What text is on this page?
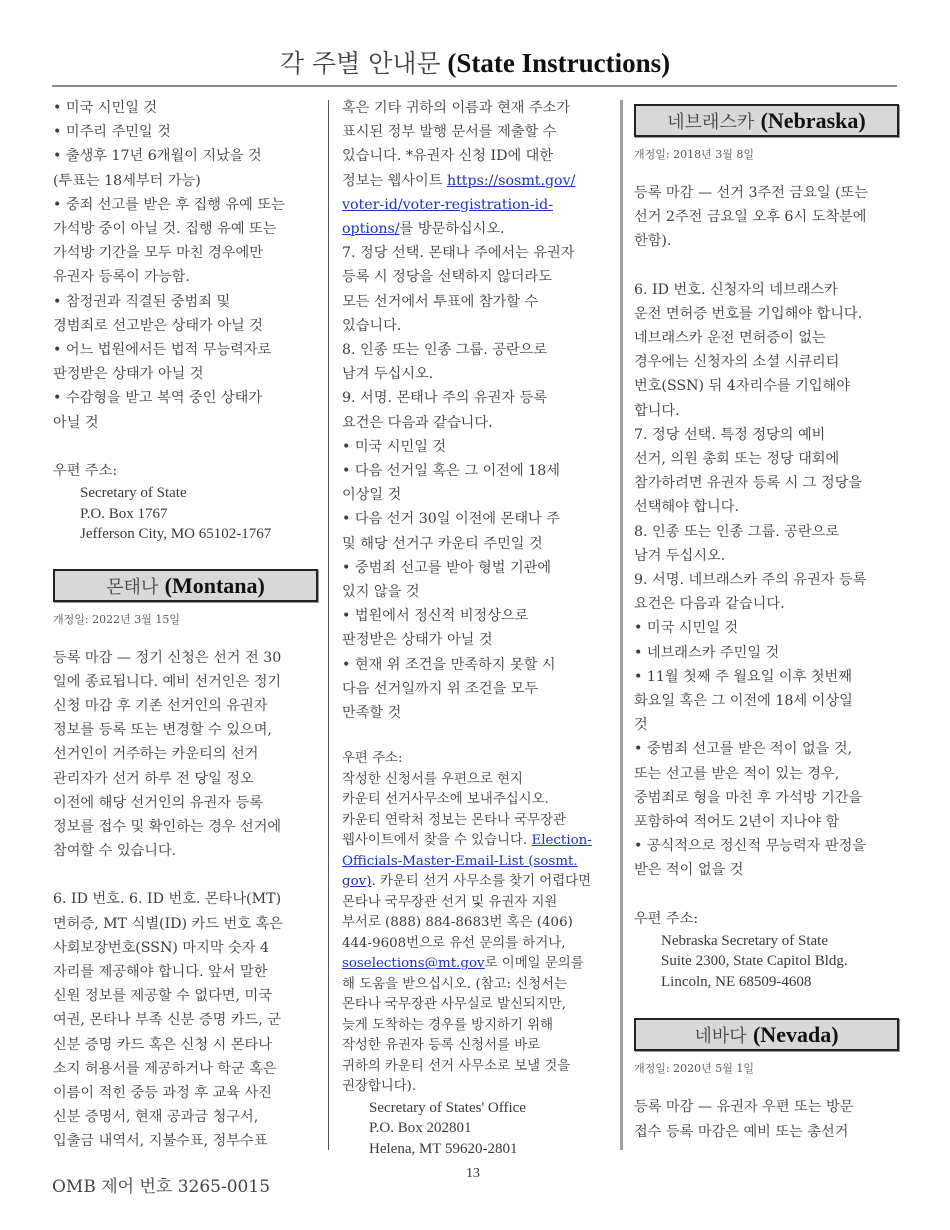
각 주별 안내문 (State Instructions)
• 미국 시민일 것
• 미주리 주민일 것
• 출생후 17년 6개월이 지났을 것
(투표는 18세부터 가능)
• 중죄 선고를 받은 후 집행 유예 또는
가석방 중이 아닐 것. 집행 유예 또는
가석방 기간을 모두 마친 경우에만
유권자 등록이 가능함.
• 참정권과 직결된 중범죄 및
경범죄로 선고받은 상태가 아닐 것
• 어느 법원에서든 법적 무능력자로
판정받은 상태가 아닐 것
• 수감형을 받고 복역 중인 상태가
아닐 것
우편 주소:
Secretary of State
P.O. Box 1767
Jefferson City, MO 65102-1767
몬태나 (Montana)
개정일: 2022년 3월 15일
등록 마감 — 정기 신청은 선거 전 30
일에 종료됩니다. 예비 선거인은 정기
신청 마감 후 기존 선거인의 유권자
정보를 등록 또는 변경할 수 있으며,
선거인이 거주하는 카운티의 선거
관리자가 선거 하루 전 당일 정오
이전에 해당 선거인의 유권자 등록
정보를 접수 및 확인하는 경우 선거에
참여할 수 있습니다.
6. ID 번호. 6. ID 번호. 몬타나(MT)
면허증, MT 식별(ID) 카드 번호 혹은
사회보장번호(SSN) 마지막 숫자 4
자리를 제공해야 합니다. 앞서 말한
신원 정보를 제공할 수 없다면, 미국
여권, 몬타나 부족 신분 증명 카드, 군
신분 증명 카드 혹은 신청 시 몬타나
소지 허용서를 제공하거나 학군 혹은
이름이 적힌 중등 과정 후 교육 사진
신분 증명서, 현재 공과금 청구서,
입출금 내역서, 지불수표, 정부수표
혹은 기타 귀하의 이름과 현재 주소가
표시된 정부 발행 문서를 제출할 수
있습니다. *유권자 신청 ID에 대한
정보는 웹사이트 https://sosmt.gov/
voter-id/voter-registration-id-
options/를 방문하십시오.
7. 정당 선택. 몬태나 주에서는 유권자
등록 시 정당을 선택하지 않더라도
모든 선거에서 투표에 참가할 수
있습니다.
8. 인종 또는 인종 그룹. 공란으로
남겨 두십시오.
9. 서명. 몬태나 주의 유권자 등록
요건은 다음과 같습니다.
• 미국 시민일 것
• 다음 선거일 혹은 그 이전에 18세
이상일 것
• 다음 선거 30일 이전에 몬태나 주
및 해당 선거구 카운티 주민일 것
• 중범죄 선고를 받아 형벌 기관에
있지 않을 것
• 법원에서 정신적 비정상으로
판정받은 상태가 아닐 것
• 현재 위 조건을 만족하지 못할 시
다음 선거일까지 위 조건을 모두
만족할 것
우편 주소:
작성한 신청서를 우편으로 현지
카운티 선거사무소에 보내주십시오.
카운티 연락처 정보는 몬타나 국무장관
웹사이트에서 찾을 수 있습니다. Election-
Officials-Master-Email-List (sosmt.
gov). 카운티 선거 사무소를 찾기 어렵다면
몬타나 국무장관 선거 및 유권자 지원
부서로 (888) 884-8683번 혹은 (406)
444-9608번으로 유선 문의를 하거나,
soselections@mt.gov로 이메일 문의를
해 도움을 받으십시오. (참고: 신청서는
몬타나 국무장관 사무실로 발신되지만,
늦게 도착하는 경우를 방지하기 위해
작성한 유권자 등록 신청서를 바로
귀하의 카운티 선거 사무소로 보낼 것을
권장합니다).
Secretary of States' Office
P.O. Box 202801
Helena, MT 59620-2801
네브래스카 (Nebraska)
개정일: 2018년 3월 8일
등록 마감 — 선거 3주전 금요일 (또는
선거 2주전 금요일 오후 6시 도착분에
한함).
6. ID 번호. 신청자의 네브래스카
운전 면허증 번호를 기입해야 합니다.
네브래스카 운전 면허증이 없는
경우에는 신청자의 소셜 시큐리티
번호(SSN) 뒤 4자리수를 기입해야
합니다.
7. 정당 선택. 특정 정당의 예비
선거, 의원 총회 또는 정당 대회에
참가하려면 유권자 등록 시 그 정당을
선택해야 합니다.
8. 인종 또는 인종 그룹. 공란으로
남겨 두십시오.
9. 서명. 네브래스카 주의 유권자 등록
요건은 다음과 같습니다.
• 미국 시민일 것
• 네브래스카 주민일 것
• 11월 첫째 주 월요일 이후 첫번째
화요일 혹은 그 이전에 18세 이상일
것
• 중범죄 선고를 받은 적이 없을 것,
또는 선고를 받은 적이 있는 경우,
중범죄로 형을 마친 후 가석방 기간을
포함하여 적어도 2년이 지나야 함
• 공식적으로 정신적 무능력자 판정을
받은 적이 없을 것
우편 주소:
Nebraska Secretary of State
Suite 2300, State Capitol Bldg.
Lincoln, NE 68509-4608
네바다 (Nevada)
개정일: 2020년 5월 1일
등록 마감 — 유권자 우편 또는 방문
접수 등록 마감은 예비 또는 총선거
OMB 제어 번호 3265-0015
13
